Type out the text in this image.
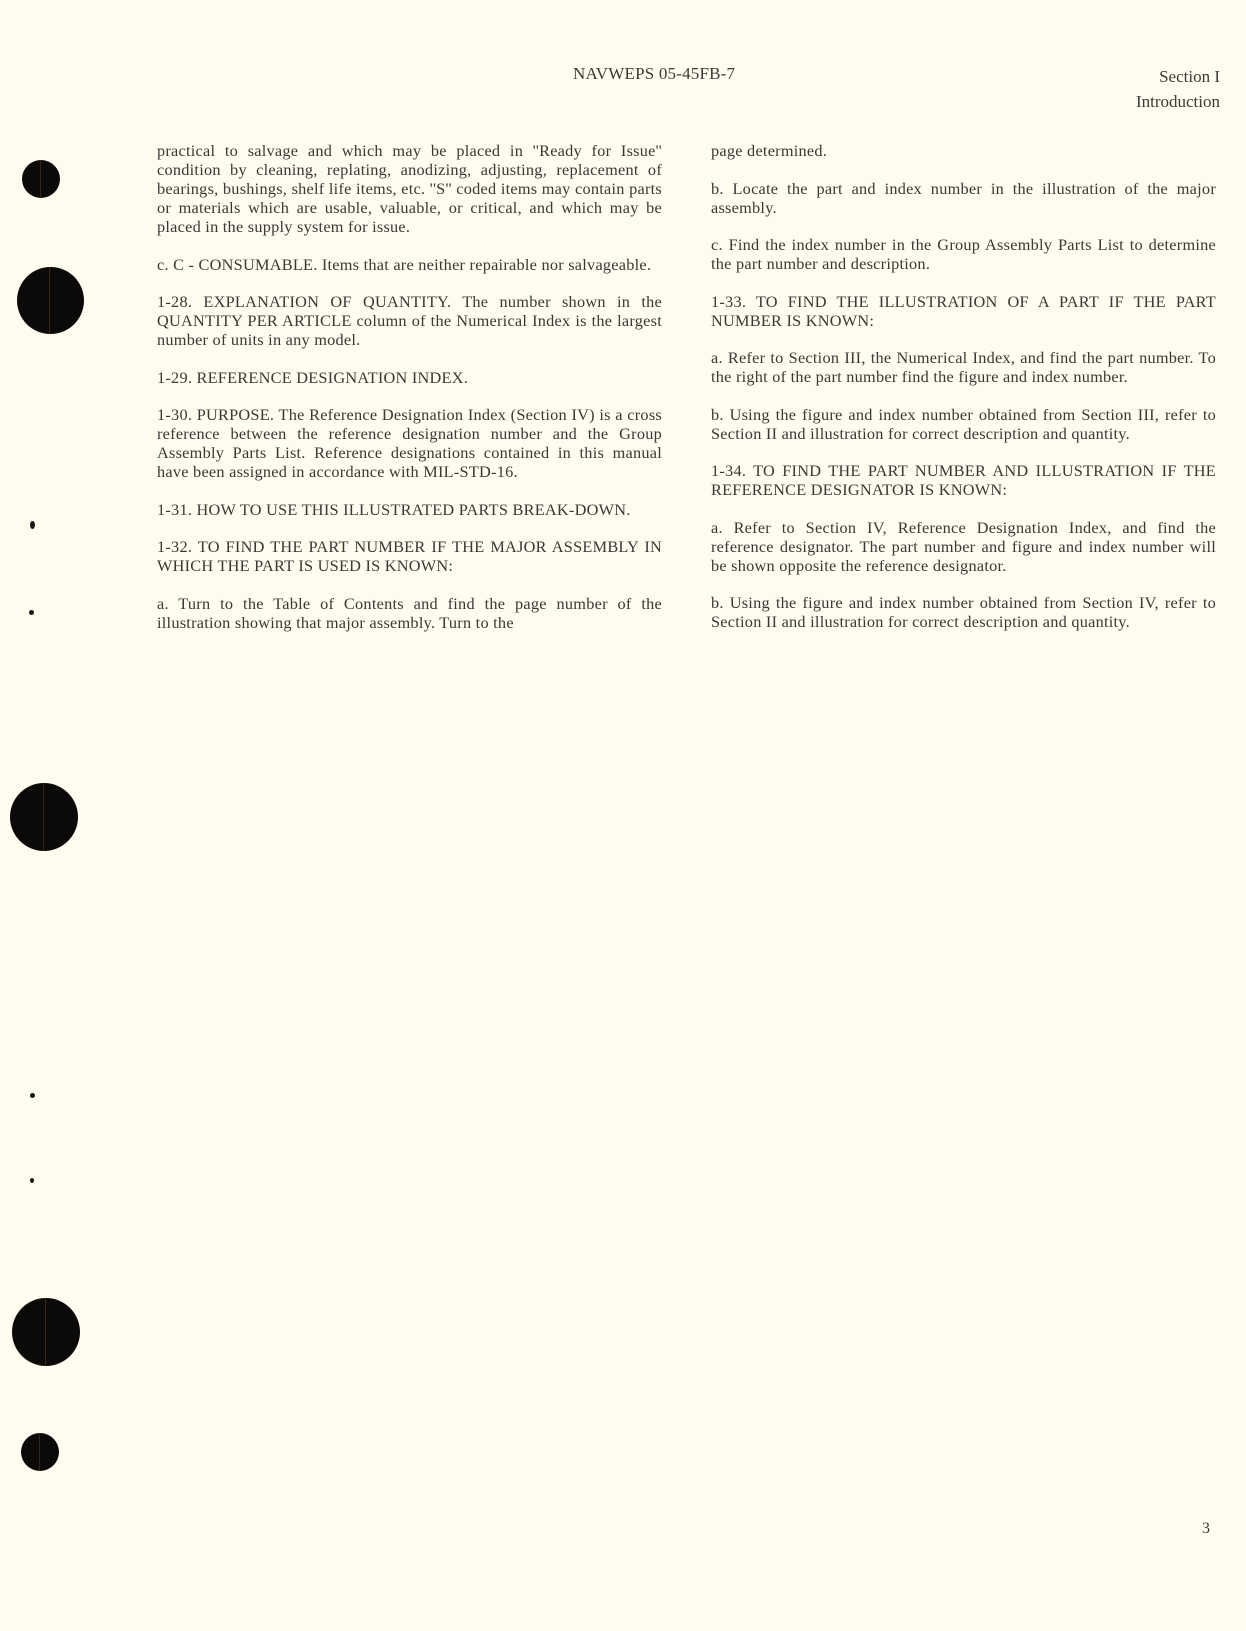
NAVWEPS 05-45FB-7	Section I
Introduction

practical to salvage and which may be placed in ''Ready for Issue'' condition by cleaning, replating, anodizing, adjusting, replacement of bearings, bushings, shelf life items, etc. ''S'' coded items may contain parts or materials which are usable, valuable, or critical, and which may be placed in the supply system for issue.

c. C - CONSUMABLE. Items that are neither repairable nor salvageable.

1-28. EXPLANATION OF QUANTITY. The number shown in the QUANTITY PER ARTICLE column of the Numerical Index is the largest number of units in any model.

1-29. REFERENCE DESIGNATION INDEX.

1-30. PURPOSE. The Reference Designation Index (Section IV) is a cross reference between the reference designation number and the Group Assembly Parts List. Reference designations contained in this manual have been assigned in accordance with MIL-STD-16.

1-31. HOW TO USE THIS ILLUSTRATED PARTS BREAK-DOWN.

1-32. TO FIND THE PART NUMBER IF THE MAJOR ASSEMBLY IN WHICH THE PART IS USED IS KNOWN:

a. Turn to the Table of Contents and find the page number of the illustration showing that major assembly. Turn to the

page determined.

b. Locate the part and index number in the illustration of the major assembly.

c. Find the index number in the Group Assembly Parts List to determine the part number and description.

1-33. TO FIND THE ILLUSTRATION OF A PART IF THE PART NUMBER IS KNOWN:

a. Refer to Section III, the Numerical Index, and find the part number. To the right of the part number find the figure and index number.

b. Using the figure and index number obtained from Section III, refer to Section II and illustration for correct description and quantity.

1-34. TO FIND THE PART NUMBER AND ILLUSTRATION IF THE REFERENCE DESIGNATOR IS KNOWN:

a. Refer to Section IV, Reference Designation Index, and find the reference designator. The part number and figure and index number will be shown opposite the reference designator.

b. Using the figure and index number obtained from Section IV, refer to Section II and illustration for correct description and quantity.

3
